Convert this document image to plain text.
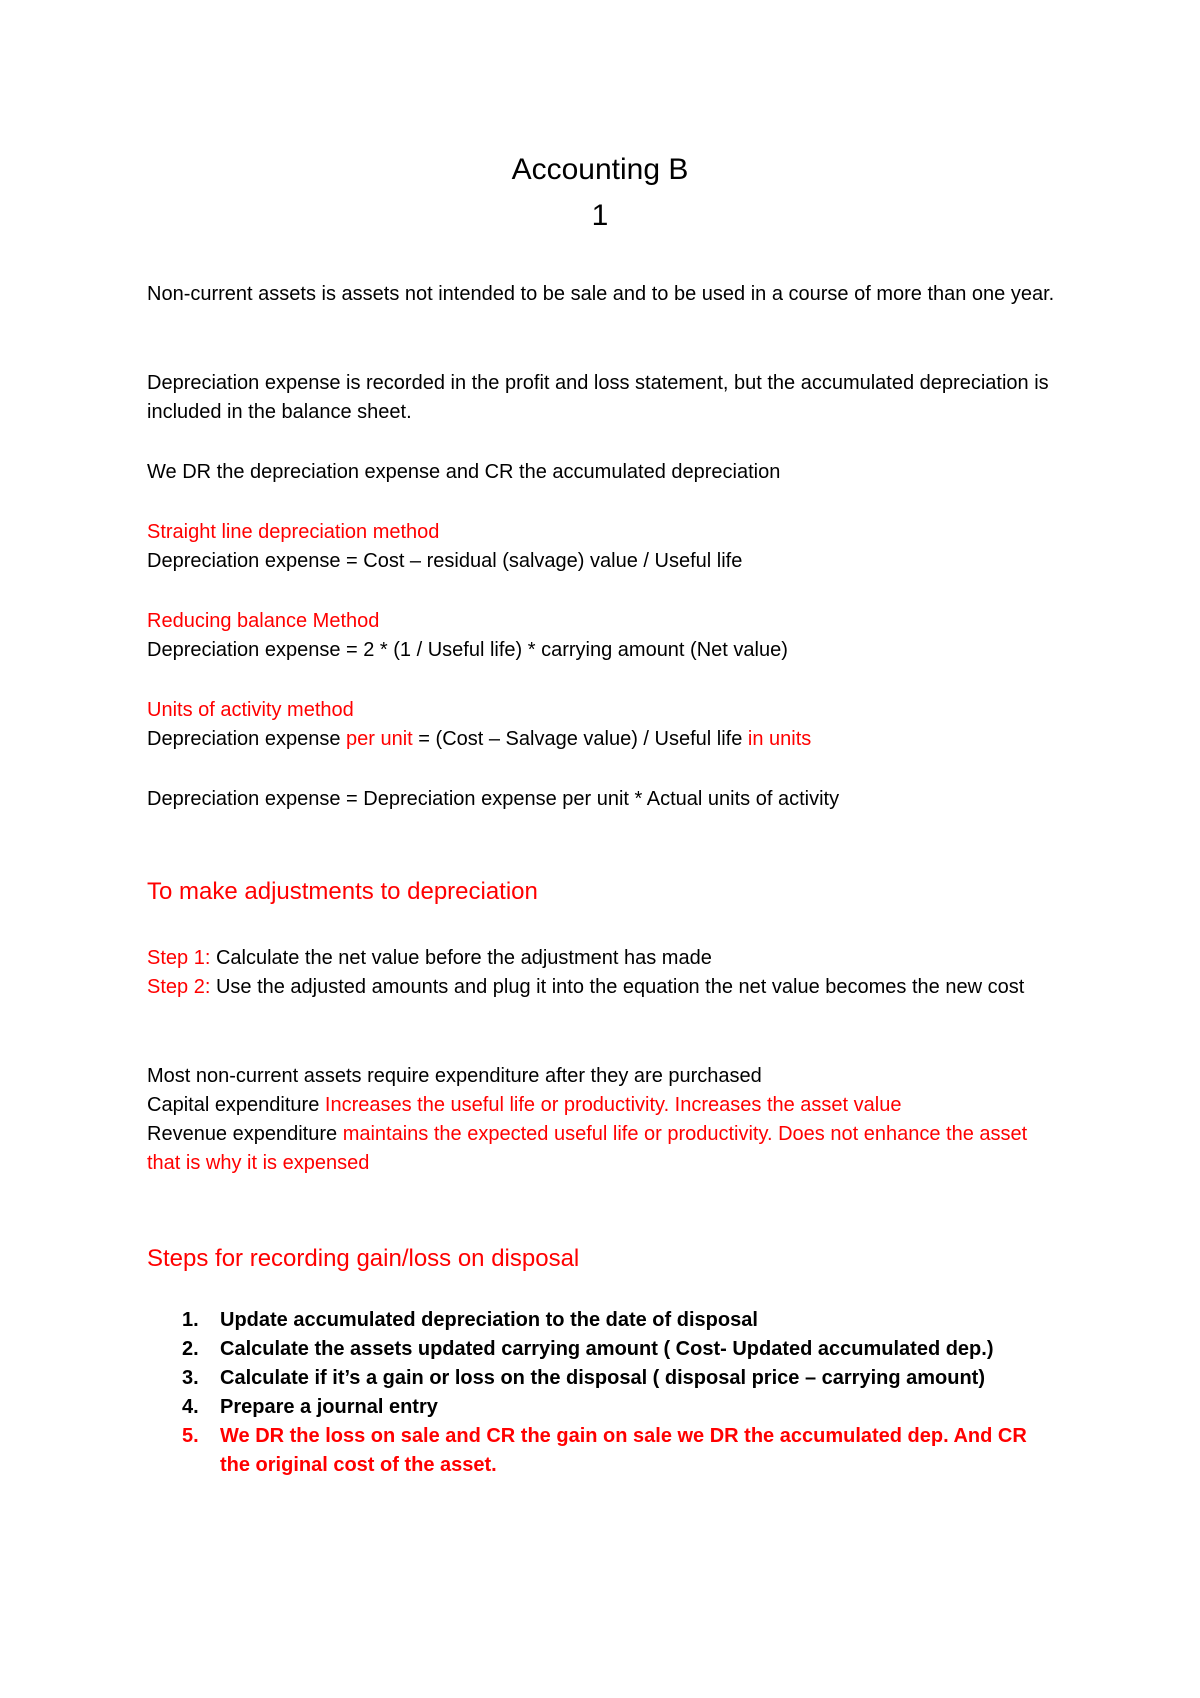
Accounting B
1

Non-current assets is assets not intended to be sale and to be used in a course of more than one year.

Depreciation expense is recorded in the profit and loss statement, but the accumulated depreciation is included in the balance sheet.

We DR the depreciation expense and CR the accumulated depreciation

Straight line depreciation method

Depreciation expense = Cost – residual (salvage) value / Useful life

Reducing balance Method

Depreciation expense = 2 * (1 / Useful life) * carrying amount (Net value)

Units of activity method

Depreciation expense per unit = (Cost – Salvage value) / Useful life in units

Depreciation expense = Depreciation expense per unit * Actual units of activity

To make adjustments to depreciation

Step 1: Calculate the net value before the adjustment has made

Step 2: Use the adjusted amounts and plug it into the equation the net value becomes the new cost

Most non-current assets require expenditure after they are purchased

Capital expenditure Increases the useful life or productivity. Increases the asset value

Revenue expenditure maintains the expected useful life or productivity. Does not enhance the asset that is why it is expensed

Steps for recording gain/loss on disposal
1. Update accumulated depreciation to the date of disposal
2. Calculate the assets updated carrying amount ( Cost- Updated accumulated dep.)
3. Calculate if it’s a gain or loss on the disposal ( disposal price – carrying amount)
4. Prepare a journal entry
5. We DR the loss on sale and CR the gain on sale we DR the accumulated dep. And CR the original cost of the asset.
